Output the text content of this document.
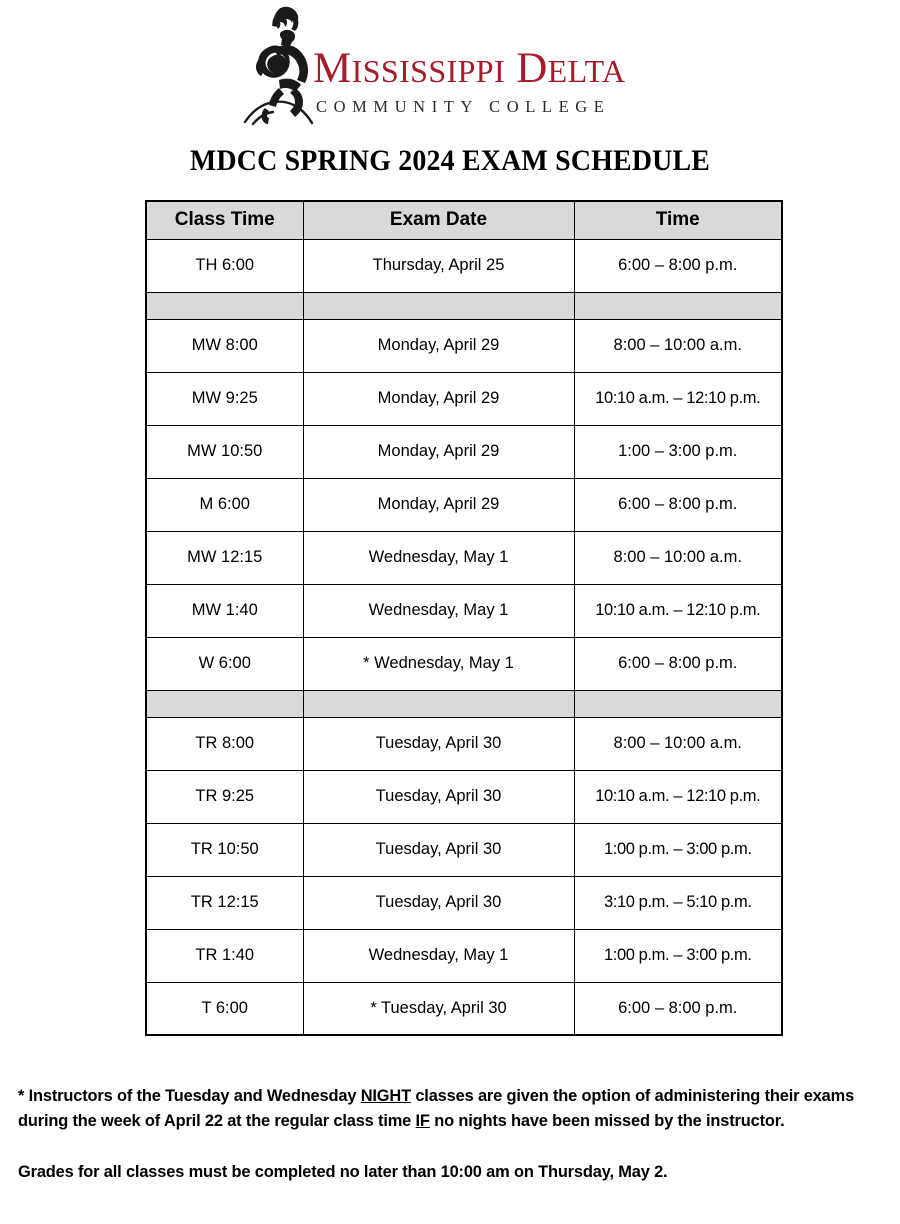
MISSISSIPPI DELTA
COMMUNITY COLLEGE
MDCC SPRING 2024 EXAM SCHEDULE
Class Time	Exam Date	Time
TH 6:00	Thursday, April 25	6:00 – 8:00 p.m.

MW 8:00	Monday, April 29	8:00 – 10:00 a.m.
MW 9:25	Monday, April 29	10:10 a.m. – 12:10 p.m.
MW 10:50	Monday, April 29	1:00 – 3:00 p.m.
M 6:00	Monday, April 29	6:00 – 8:00 p.m.
MW 12:15	Wednesday, May 1	8:00 – 10:00 a.m.
MW 1:40	Wednesday, May 1	10:10 a.m. – 12:10 p.m.
W 6:00	* Wednesday, May 1	6:00 – 8:00 p.m.

TR 8:00	Tuesday, April 30	8:00 – 10:00 a.m.
TR 9:25	Tuesday, April 30	10:10 a.m. – 12:10 p.m.
TR 10:50	Tuesday, April 30	1:00 p.m. – 3:00 p.m.
TR 12:15	Tuesday, April 30	3:10 p.m. – 5:10 p.m.
TR 1:40	Wednesday, May 1	1:00 p.m. – 3:00 p.m.
T 6:00	* Tuesday, April 30	6:00 – 8:00 p.m.

* Instructors of the Tuesday and Wednesday NIGHT classes are given the option of administering their exams during the week of April 22 at the regular class time IF no nights have been missed by the instructor.

Grades for all classes must be completed no later than 10:00 am on Thursday, May 2.
